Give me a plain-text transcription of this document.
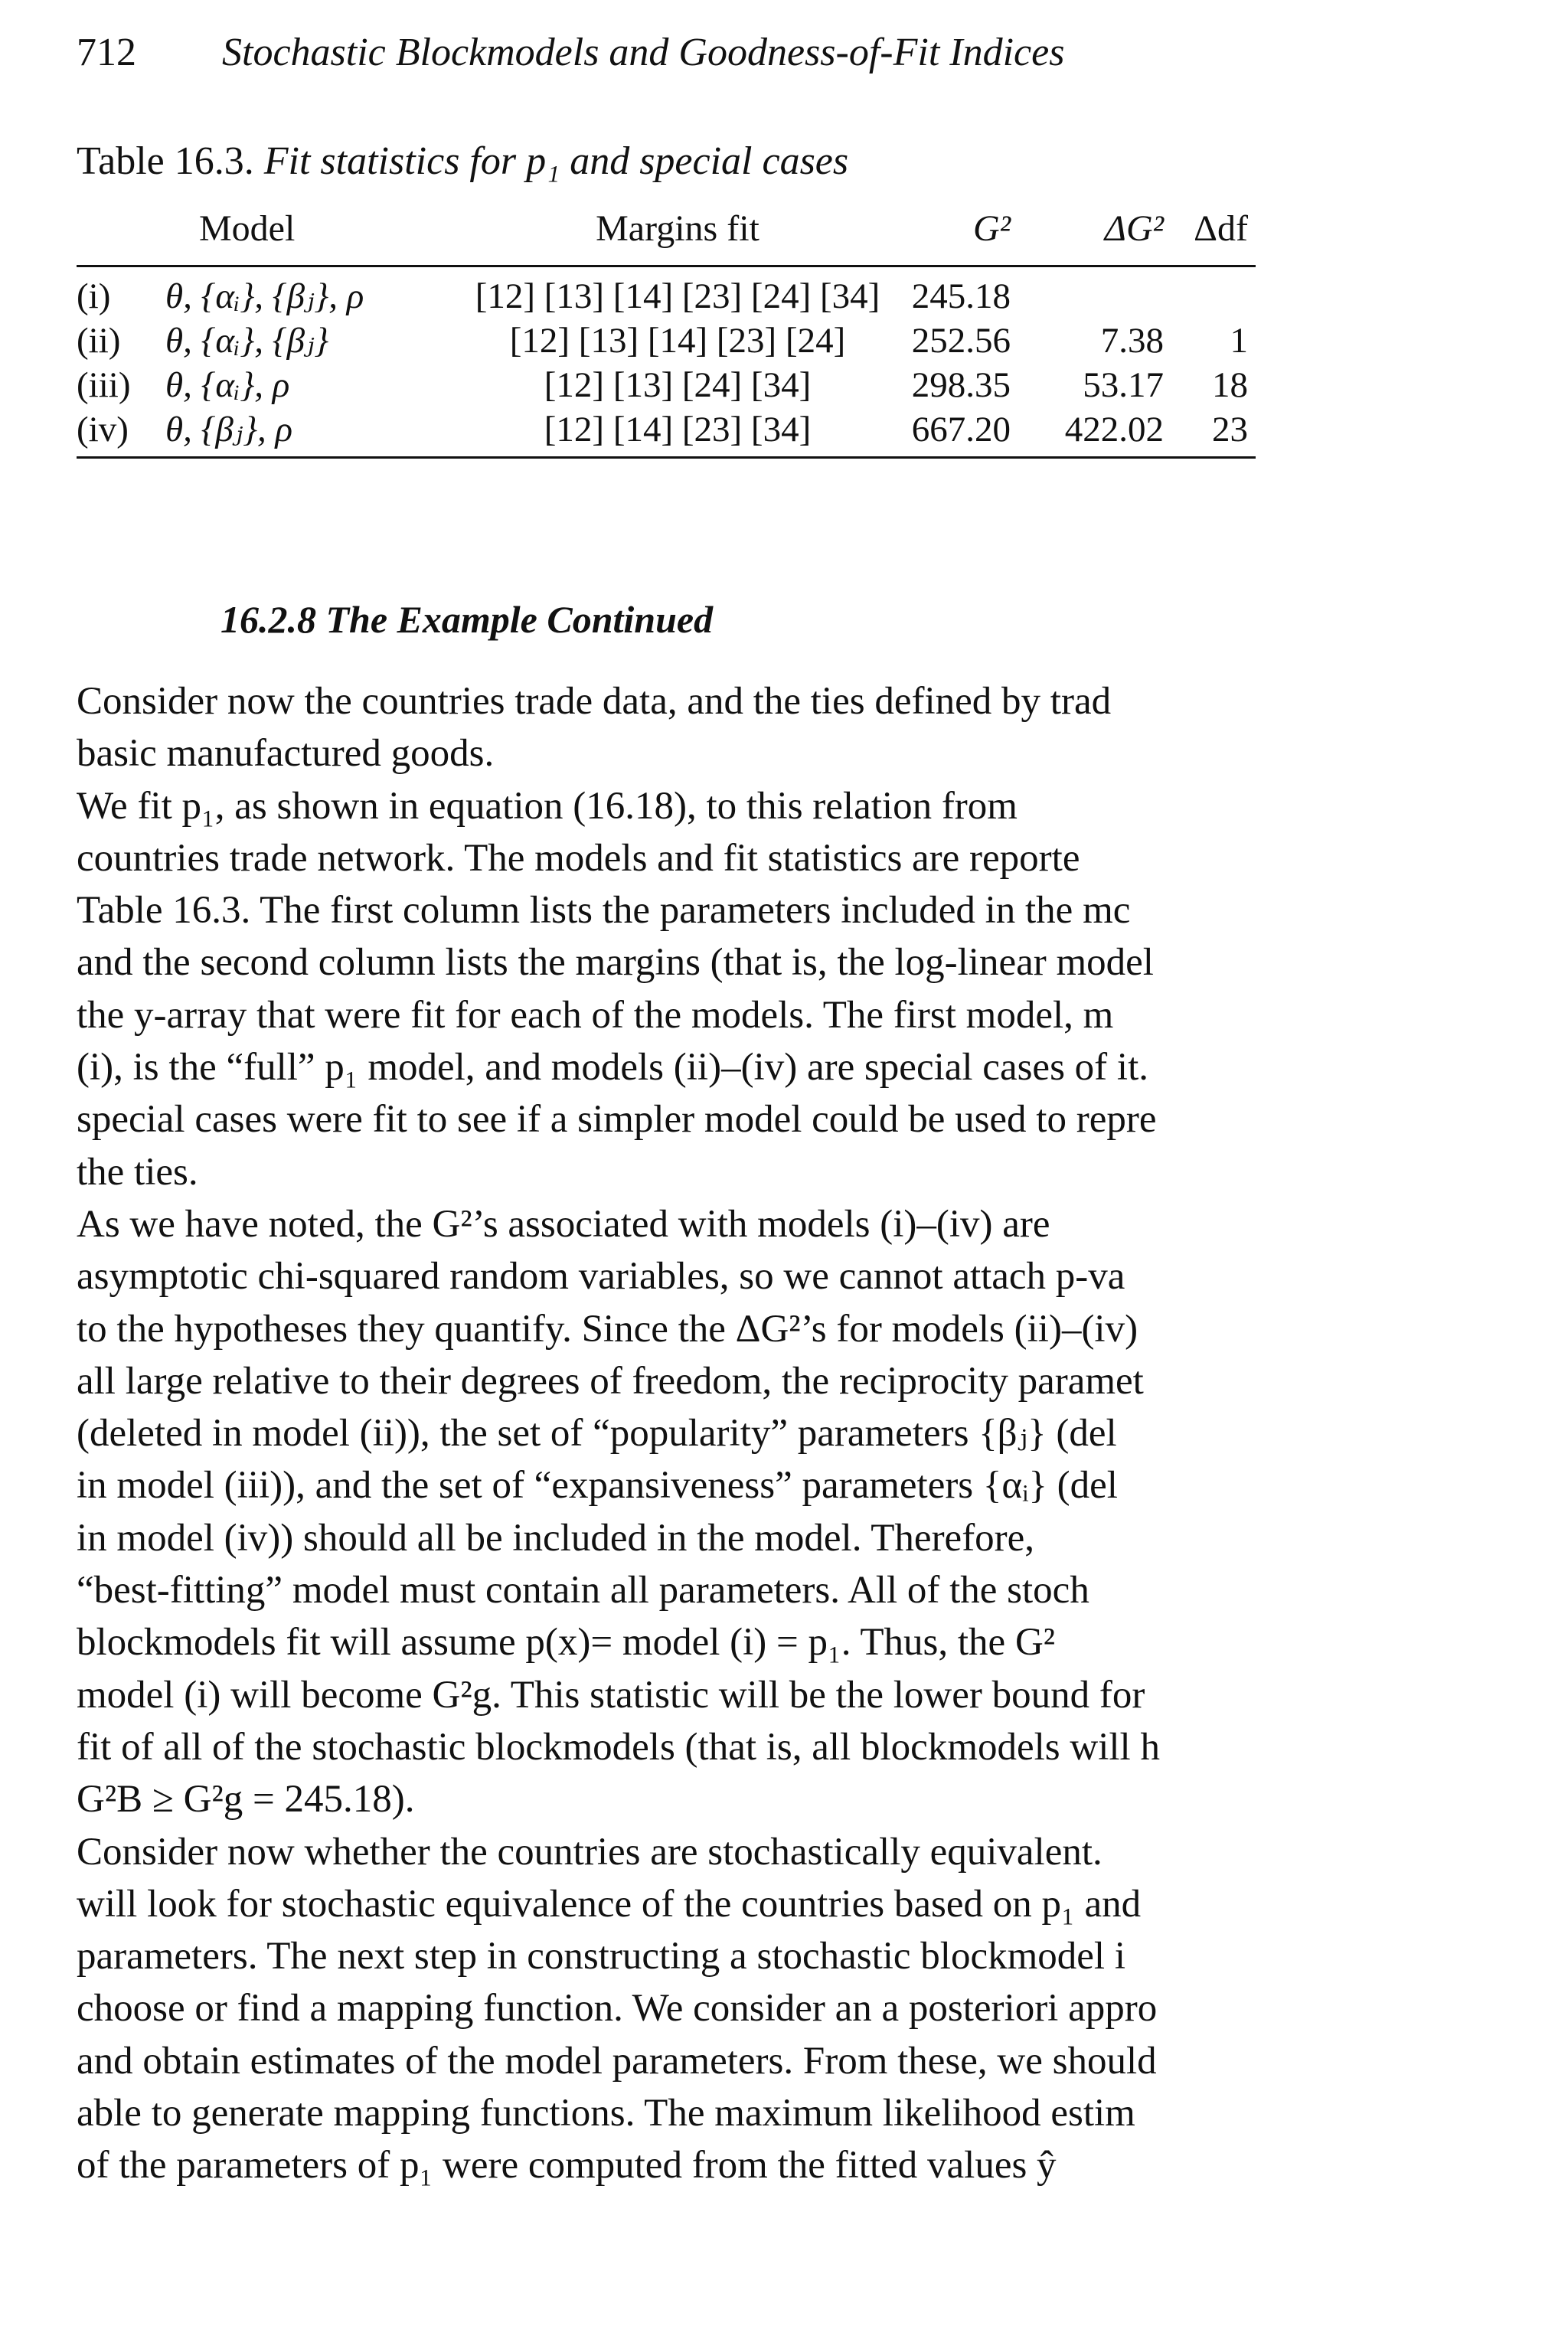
712 Stochastic Blockmodels and Goodness-of-Fit Indices
Table 16.3. Fit statistics for p₁ and special cases
Model	Margins fit	G²	ΔG² Δdf
(i)	θ, {αᵢ}, {βⱼ}, ρ	[12] [13] [14] [23] [24] [34] 245.18
(ii)	θ, {αᵢ}, {βⱼ}	[12] [13] [14] [23] [24]	252.56	7.38	1
(iii) θ, {αᵢ}, ρ	[12] [13] [24] [34]	298.35	53.17	18
(iv)	θ, {βⱼ}, ρ	[12] [14] [23] [34]	667.20	422.02	23
16.2.8 The Example Continued
Consider now the countries trade data, and the ties defined by trad
basic manufactured goods.
We fit p₁, as shown in equation (16.18), to this relation from
countries trade network. The models and fit statistics are reporte
Table 16.3. The first column lists the parameters included in the mc
and the second column lists the margins (that is, the log-linear model
the y-array that were fit for each of the models. The first model, m
(i), is the “full” p₁ model, and models (ii)–(iv) are special cases of it.
special cases were fit to see if a simpler model could be used to repre
the ties.
As we have noted, the G²’s associated with models (i)–(iv) are
asymptotic chi-squared random variables, so we cannot attach p-va
to the hypotheses they quantify. Since the ΔG²’s for models (ii)–(iv)
all large relative to their degrees of freedom, the reciprocity paramet
(deleted in model (ii)), the set of “popularity” parameters {βⱼ} (del
in model (iii)), and the set of “expansiveness” parameters {αᵢ} (del
in model (iv)) should all be included in the model. Therefore,
“best-fitting” model must contain all parameters. All of the stoch
blockmodels fit will assume p(x)= model (i) = p₁. Thus, the G²
model (i) will become G²g. This statistic will be the lower bound for
fit of all of the stochastic blockmodels (that is, all blockmodels will h
G²B ≥ G²g = 245.18).
Consider now whether the countries are stochastically equivalent.
will look for stochastic equivalence of the countries based on p₁ and
parameters. The next step in constructing a stochastic blockmodel i
choose or find a mapping function. We consider an a posteriori appro
and obtain estimates of the model parameters. From these, we should
able to generate mapping functions. The maximum likelihood estim
of the parameters of p₁ were computed from the fitted values ŷ
